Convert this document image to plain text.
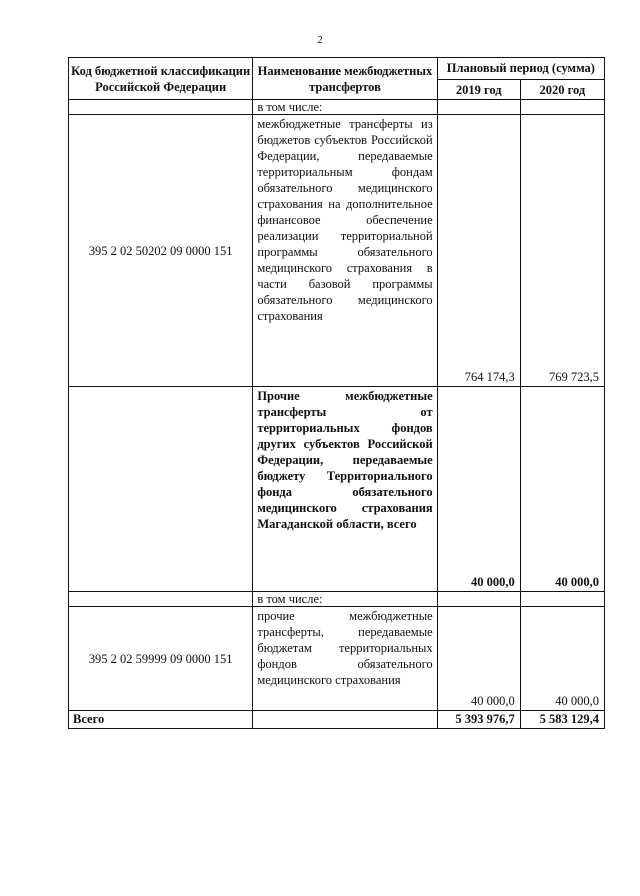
2
Код бюджетной классификации Российской Федерации	Наименование межбюджетных трансфертов	Плановый период (сумма)	
		2019 год	2020 год
	в том числе:		
395 2 02 50202 09 0000 151	межбюджетные трансферты из бюджетов субъектов Российской Федерации, передаваемые территориальным фондам обязательного медицинского страхования на дополнительное финансовое обеспечение реализации территориальной программы обязательного медицинского страхования в части базовой программы обязательного медицинского страхования	764 174,3	769 723,5
	Прочие межбюджетные трансферты от территориальных фондов других субъектов Российской Федерации, передаваемые бюджету Территориального фонда обязательного медицинского страхования Магаданской области, всего	40 000,0	40 000,0
	в том числе:		
395 2 02 59999 09 0000 151	прочие межбюджетные трансферты, передаваемые бюджетам территориальных фондов обязательного медицинского страхования	40 000,0	40 000,0
Всего		5 393 976,7	5 583 129,4
